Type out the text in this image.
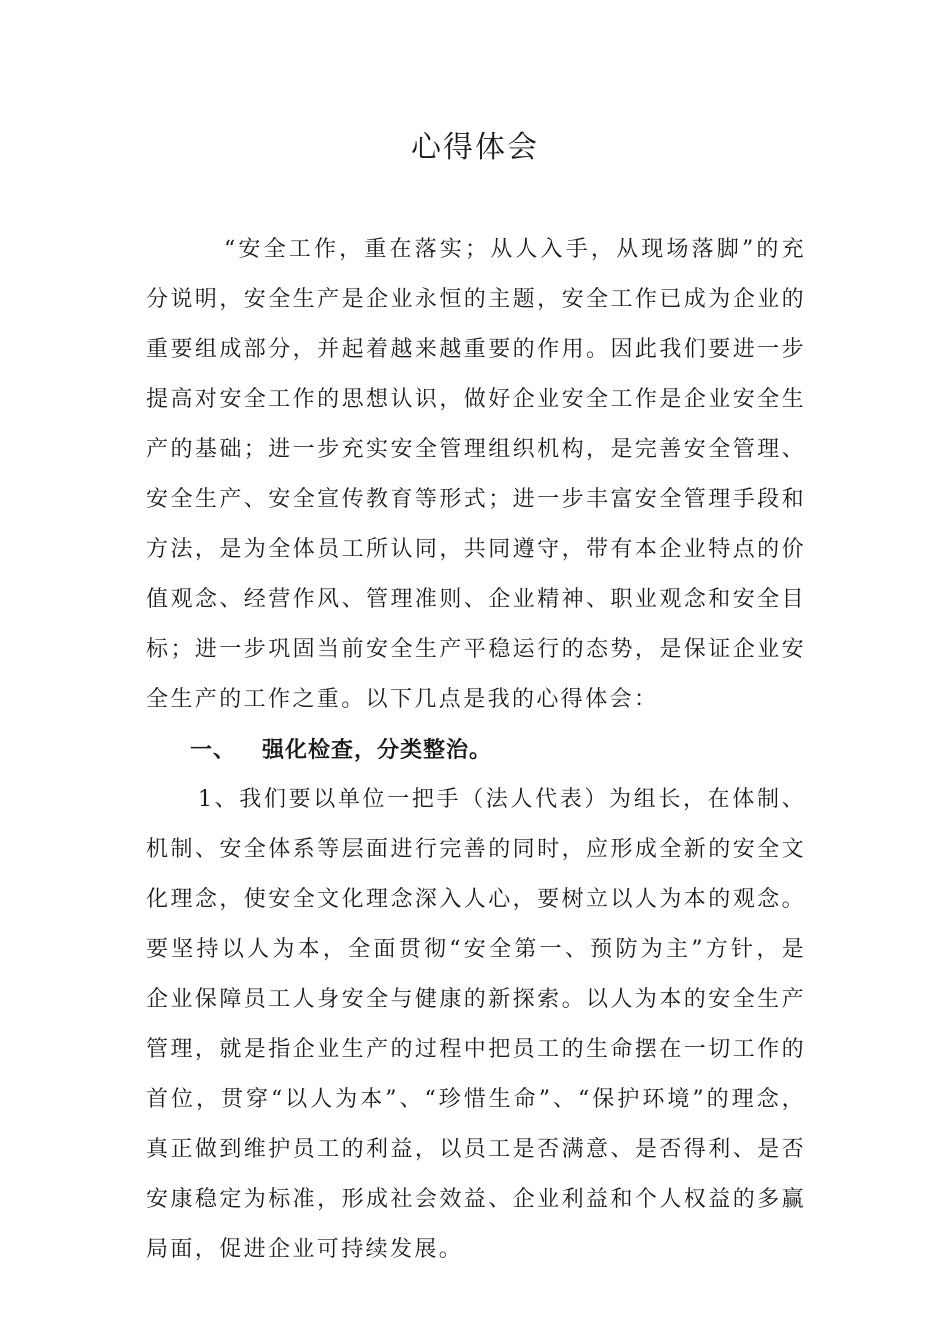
心得体会

“安全工作，重在落实；从人入手，从现场落脚”的充分说明，安全生产是企业永恒的主题，安全工作已成为企业的重要组成部分，并起着越来越重要的作用。因此我们要进一步提高对安全工作的思想认识，做好企业安全工作是企业安全生产的基础；进一步充实安全管理组织机构，是完善安全管理、安全生产、安全宣传教育等形式；进一步丰富安全管理手段和方法，是为全体员工所认同，共同遵守，带有本企业特点的价值观念、经营作风、管理准则、企业精神、职业观念和安全目标；进一步巩固当前安全生产平稳运行的态势，是保证企业安全生产的工作之重。以下几点是我的心得体会：

一、 强化检查，分类整治。

1、我们要以单位一把手（法人代表）为组长，在体制、机制、安全体系等层面进行完善的同时，应形成全新的安全文化理念，使安全文化理念深入人心，要树立以人为本的观念。要坚持以人为本，全面贯彻“安全第一、预防为主”方针，是企业保障员工人身安全与健康的新探索。以人为本的安全生产管理，就是指企业生产的过程中把员工的生命摆在一切工作的首位，贯穿“以人为本”、“珍惜生命”、“保护环境”的理念，真正做到维护员工的利益，以员工是否满意、是否得利、是否安康稳定为标准，形成社会效益、企业利益和个人权益的多赢局面，促进企业可持续发展。
